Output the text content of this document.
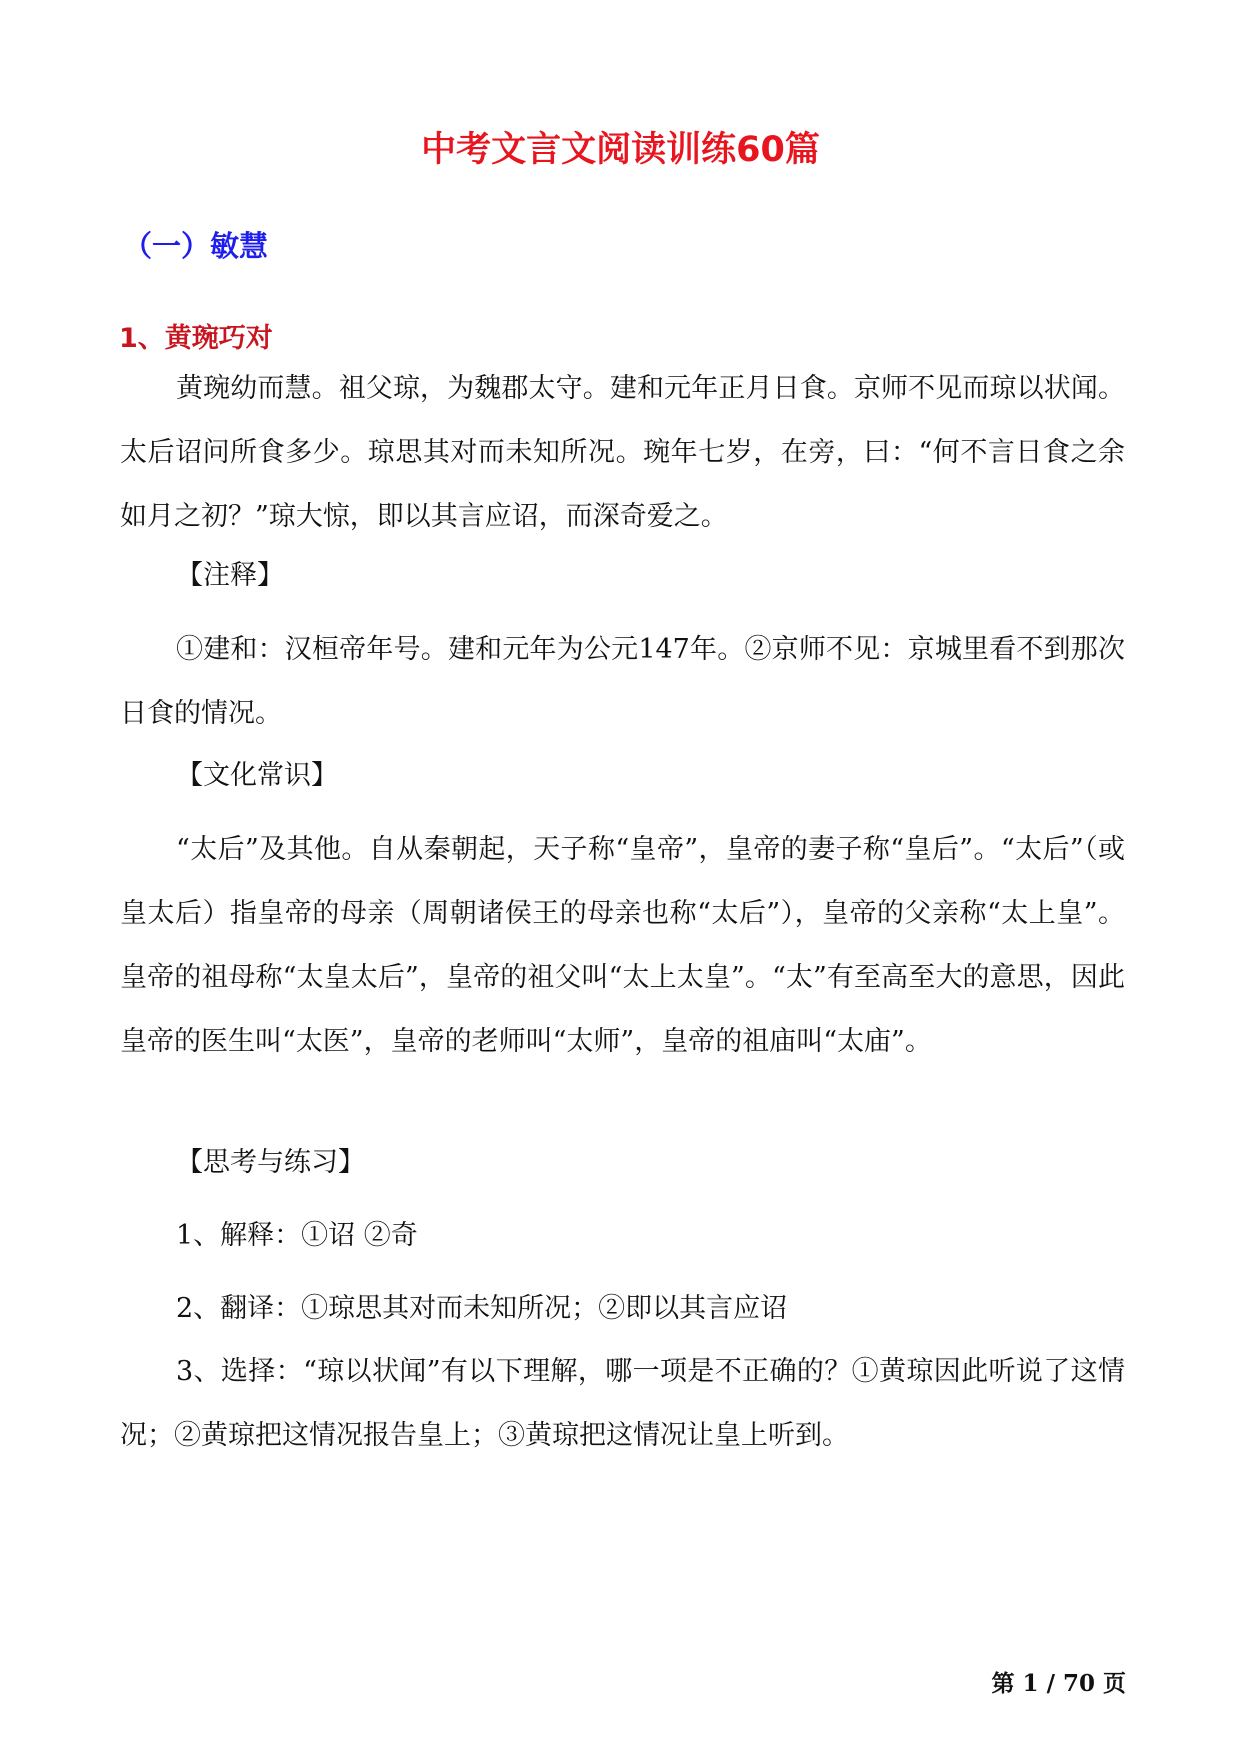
中考文言文阅读训练60篇
（一）敏慧
1、黄琬巧对

黄琬幼而慧。祖父琼，为魏郡太守。建和元年正月日食。京师不见而琼以状闻。太后诏问所食多少。琼思其对而未知所况。琬年七岁，在旁，曰：“何不言日食之余如月之初？”琼大惊，即以其言应诏，而深奇爱之。

【注释】

①建和：汉桓帝年号。建和元年为公元147年。②京师不见：京城里看不到那次日食的情况。

【文化常识】

“太后”及其他。自从秦朝起，天子称“皇帝”，皇帝的妻子称“皇后”。“太后”（或皇太后）指皇帝的母亲（周朝诸侯王的母亲也称“太后”），皇帝的父亲称“太上皇”。皇帝的祖母称“太皇太后”，皇帝的祖父叫“太上太皇”。“太”有至高至大的意思，因此皇帝的医生叫“太医”，皇帝的老师叫“太师”，皇帝的祖庙叫“太庙”。

【思考与练习】

1、解释：①诏 ②奇

2、翻译：①琼思其对而未知所况；②即以其言应诏

3、选择：“琼以状闻”有以下理解，哪一项是不正确的？①黄琼因此听说了这情况；②黄琼把这情况报告皇上；③黄琼把这情况让皇上听到。

第 1 / 70 页
